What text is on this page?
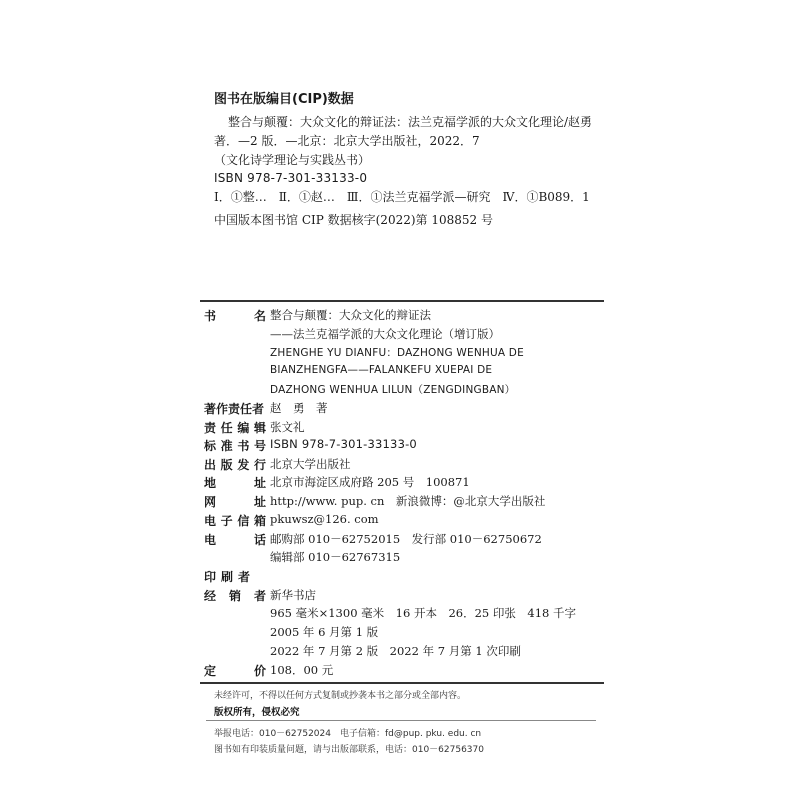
图书在版编目(CIP)数据
整合与颠覆：大众文化的辩证法：法兰克福学派的大众文化理论/赵勇
著．—2 版．—北京：北京大学出版社，2022．7
（文化诗学理论与实践丛书）
ISBN 978-7-301-33133-0
Ⅰ．①整…　Ⅱ．①赵…　Ⅲ．①法兰克福学派—研究　Ⅳ．①B089．1
中国版本图书馆 CIP 数据核字(2022)第 108852 号
书	名 整合与颠覆：大众文化的辩证法
——法兰克福学派的大众文化理论（增订版）
ZHENGHE YU DIANFU：DAZHONG WENHUA DE
BIANZHENGFA——FALANKEFU XUEPAI DE
DAZHONG WENHUA LILUN（ZENGDINGBAN）
著作责任者 赵　勇　著
责 任 编 辑 张文礼
标 准 书 号 ISBN 978-7-301-33133-0
出 版 发 行 北京大学出版社
地	址 北京市海淀区成府路 205 号　100871
网	址 http://www. pup. cn　新浪微博：@北京大学出版社
电 子 信 箱 pkuwsz@126. com
电	话 邮购部 010－62752015　发行部 010－62750672
编辑部 010－62767315
印 刷 者
经 销 者 新华书店
965 毫米×1300 毫米　16 开本　26．25 印张　418 千字
2005 年 6 月第 1 版
2022 年 7 月第 2 版　2022 年 7 月第 1 次印刷
定	价 108．00 元
未经许可，不得以任何方式复制或抄袭本书之部分或全部内容。
版权所有，侵权必究
举报电话：010－62752024　电子信箱：fd@pup. pku. edu. cn
图书如有印装质量问题，请与出版部联系，电话：010－62756370
